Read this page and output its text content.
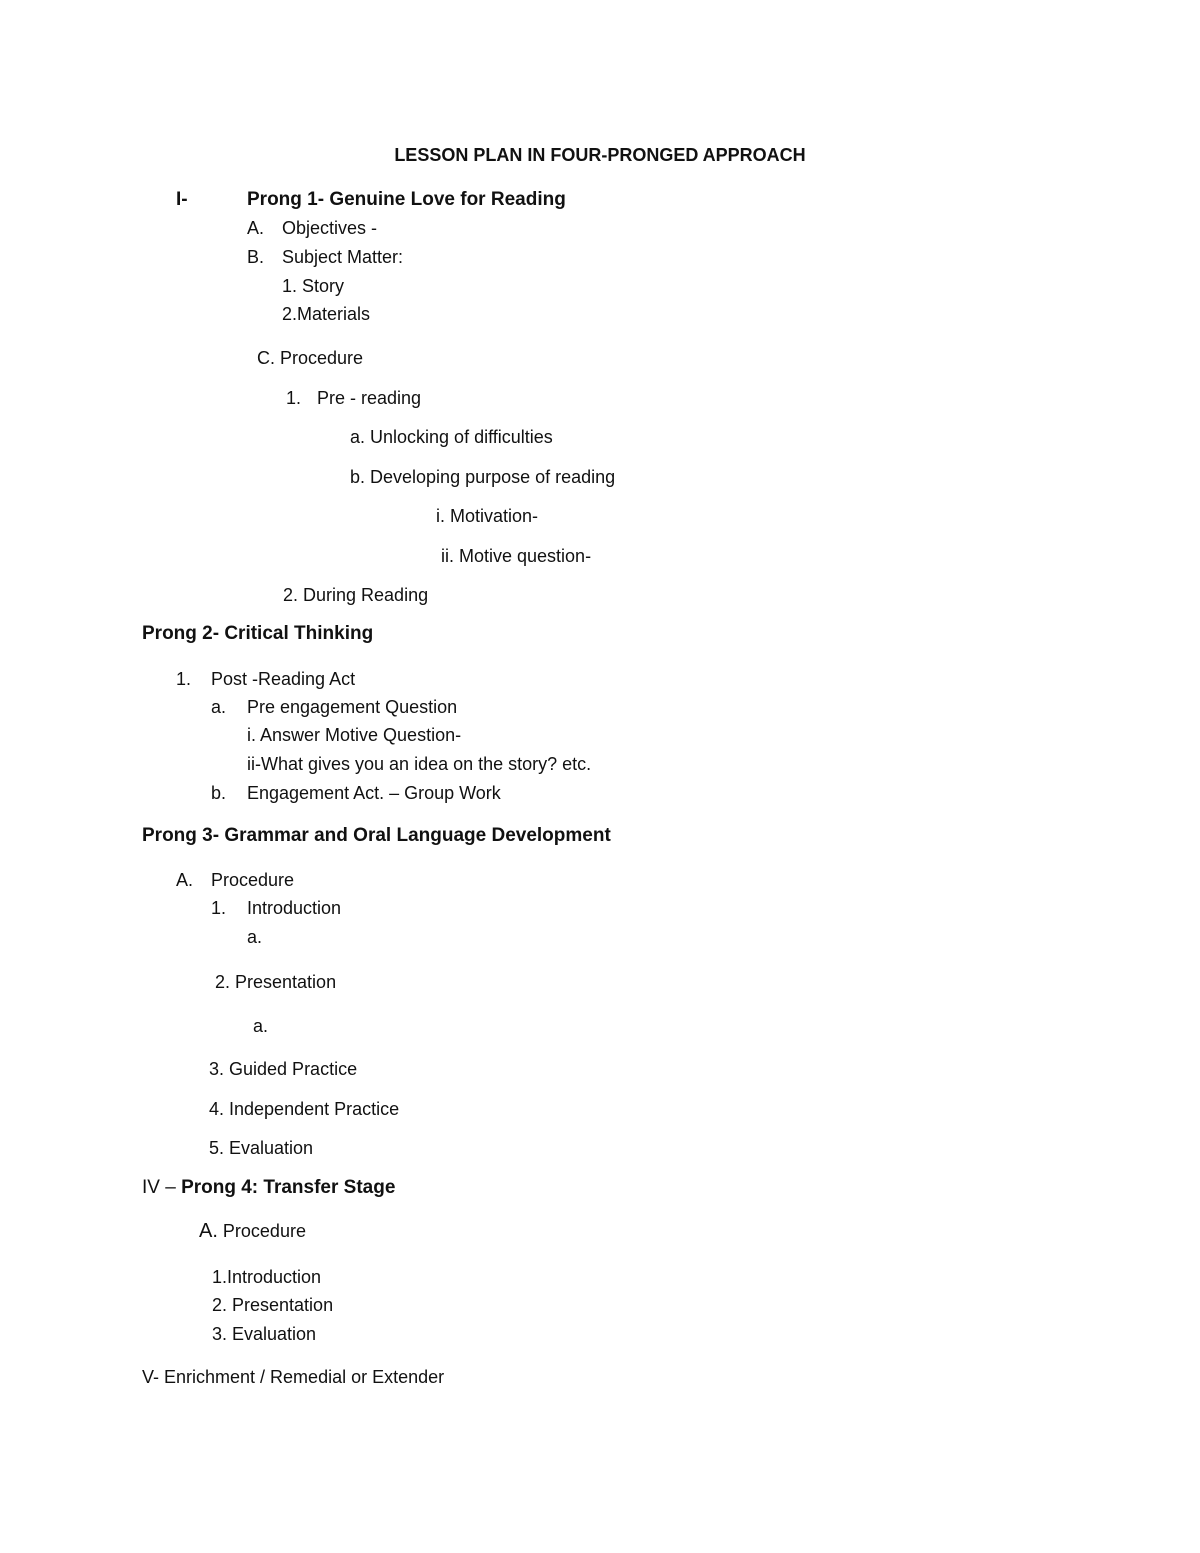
LESSON PLAN IN FOUR-PRONGED APPROACH
I-	Prong 1- Genuine Love for Reading
A. Objectives -
B. Subject Matter:
1. Story
2.Materials
C. Procedure
1. Pre - reading
a. Unlocking of difficulties
b. Developing purpose of reading
i. Motivation-
ii. Motive question-
2. During Reading
Prong 2- Critical Thinking
1. Post -Reading Act
a. Pre engagement Question
i. Answer Motive Question-
ii-What gives you an idea on the story? etc.
b. Engagement Act. – Group Work
Prong 3- Grammar and Oral Language Development
A. Procedure
1. Introduction
a.
2. Presentation
a.
3. Guided Practice
4. Independent Practice
5. Evaluation
IV – Prong 4: Transfer Stage
A. Procedure
1.Introduction
2. Presentation
3. Evaluation
V- Enrichment / Remedial or Extender
